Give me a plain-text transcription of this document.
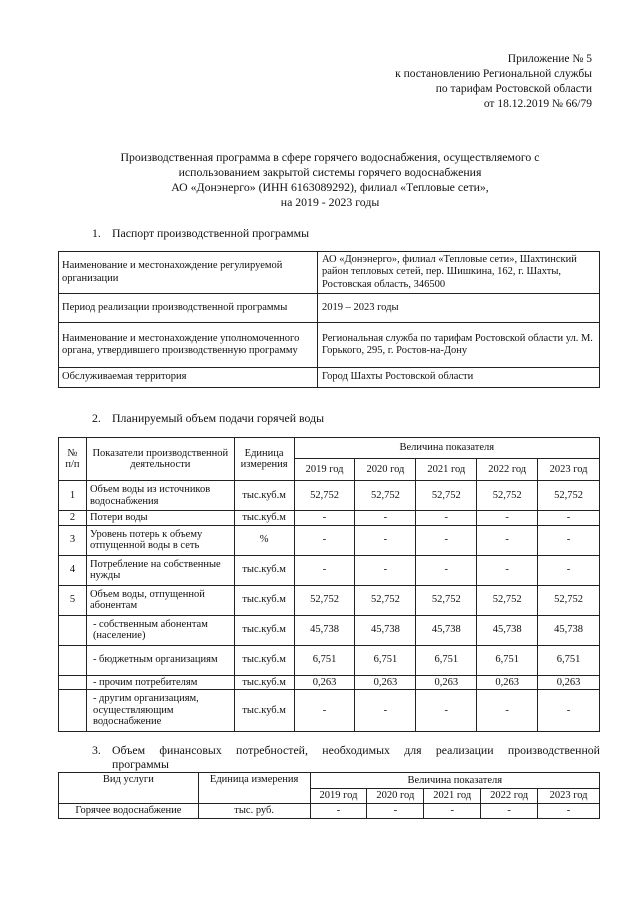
Приложение № 5
к постановлению Региональной службы
по тарифам Ростовской области
от 18.12.2019 № 66/79
Производственная программа в сфере горячего водоснабжения, осуществляемого с
использованием закрытой системы горячего водоснабжения
АО «Донэнерго» (ИНН 6163089292), филиал «Тепловые сети»,
на 2019 - 2023 годы
1. Паспорт производственной программы
Наименование и местонахождение регулируемой организации	АО «Донэнерго», филиал «Тепловые сети», Шахтинский район тепловых сетей, пер. Шишкина, 162, г. Шахты, Ростовская область, 346500
Период реализации производственной программы	2019 – 2023 годы
Наименование и местонахождение уполномоченного органа, утвердившего производственную программу	Региональная служба по тарифам Ростовской области ул. М. Горького, 295, г. Ростов-на-Дону
Обслуживаемая территория	Город Шахты Ростовской области
2. Планируемый объем подачи горячей воды
№ п/п	Показатели производственной деятельности	Единица измерения	Величина показателя				
			2019 год	2020 год	2021 год	2022 год	2023 год
1	Объем воды из источников водоснабжения	тыс.куб.м	52,752	52,752	52,752	52,752	52,752
2	Потери воды	тыс.куб.м	-	-	-	-	-
3	Уровень потерь к объему отпущенной воды в сеть	%	-	-	-	-	-
4	Потребление на собственные нужды	тыс.куб.м	-	-	-	-	-
5	Объем воды, отпущенной абонентам	тыс.куб.м	52,752	52,752	52,752	52,752	52,752
	- собственным абонентам (население)	тыс.куб.м	45,738	45,738	45,738	45,738	45,738
	- бюджетным организациям	тыс.куб.м	6,751	6,751	6,751	6,751	6,751
	- прочим потребителям	тыс.куб.м	0,263	0,263	0,263	0,263	0,263
	- другим организациям, осуществляющим водоснабжение	тыс.куб.м	-	-	-	-	-
3. Объем финансовых потребностей, необходимых для реализации производственной
программы
Вид услуги	Единица измерения	Величина показателя				
		2019 год	2020 год	2021 год	2022 год	2023 год
Горячее водоснабжение	тыс. руб.	-	-	-	-	-
